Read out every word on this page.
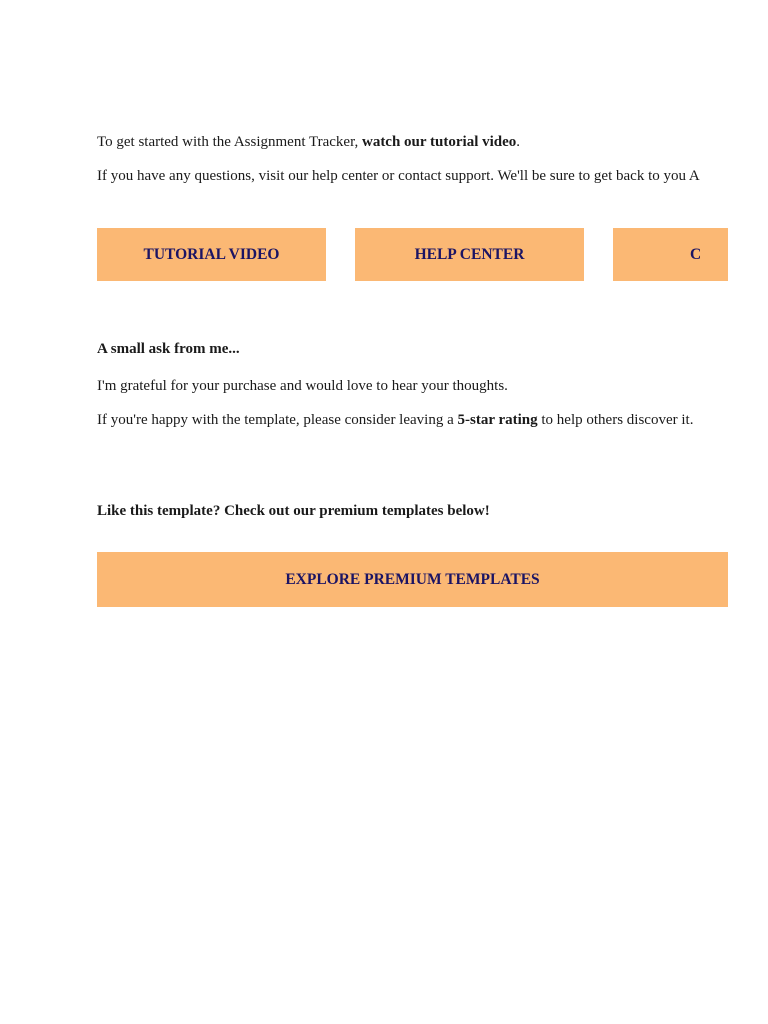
To get started with the Assignment Tracker, watch our tutorial video.
If you have any questions, visit our help center or contact support. We'll be sure to get back to you A
TUTORIAL VIDEO	HELP CENTER	C
A small ask from me...
I'm grateful for your purchase and would love to hear your thoughts.
If you're happy with the template, please consider leaving a 5-star rating to help others discover it.
Like this template? Check out our premium templates below!
EXPLORE PREMIUM TEMPLATES
